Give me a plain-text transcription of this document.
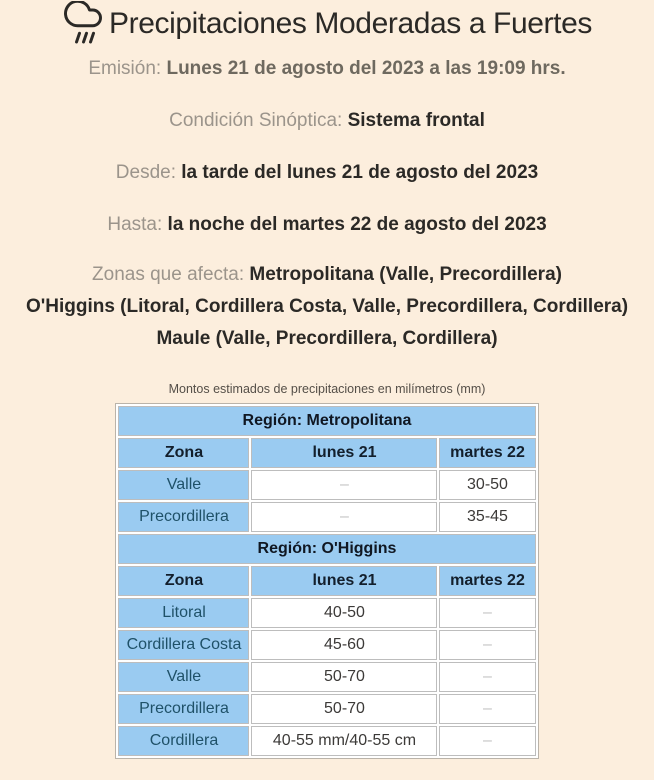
Precipitaciones Moderadas a Fuertes

Emisión: Lunes 21 de agosto del 2023 a las 19:09 hrs.

Condición Sinóptica: Sistema frontal

Desde: la tarde del lunes 21 de agosto del 2023

Hasta: la noche del martes 22 de agosto del 2023

Zonas que afecta: Metropolitana (Valle, Precordillera)
O'Higgins (Litoral, Cordillera Costa, Valle, Precordillera, Cordillera)
Maule (Valle, Precordillera, Cordillera)
Montos estimados de precipitaciones en milímetros (mm)
Región: Metropolitana		
Zona	lunes 21	martes 22
Valle	–	30-50
Precordillera	–	35-45
Región: O'Higgins		
Zona	lunes 21	martes 22
Litoral	40-50	–
Cordillera Costa	45-60	–
Valle	50-70	–
Precordillera	50-70	–
Cordillera	40-55 mm/40-55 cm	–
